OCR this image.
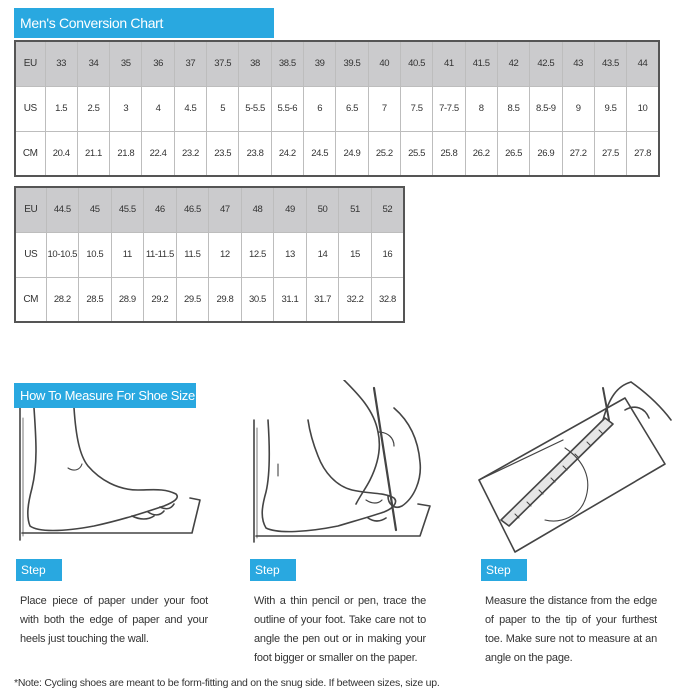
Men's Conversion Chart
EU	33	34	35	36	37	37.5	38	38.5	39	39.5	40	40.5	41	41.5	42	42.5	43	43.5	44
US	1.5	2.5	3	4	4.5	5	5-5.5	5.5-6	6	6.5	7	7.5	7-7.5	8	8.5	8.5-9	9	9.5	10
CM	20.4	21.1	21.8	22.4	23.2	23.5	23.8	24.2	24.5	24.9	25.2	25.5	25.8	26.2	26.5	26.9	27.2	27.5	27.8
EU	44.5	45	45.5	46	46.5	47	48	49	50	51	52
US	10-10.5	10.5	11	11-11.5	11.5	12	12.5	13	14	15	16
CM	28.2	28.5	28.9	29.2	29.5	29.8	30.5	31.1	31.7	32.2	32.8
How To Measure For Shoe Size
Step 1:
Step 2:
Step 3:
Place piece of paper under your foot with both the edge of paper and your heels just touching the wall.
With a thin pencil or pen, trace the outline of your foot. Take care not to angle the pen out or in making your foot bigger or smaller on the paper.
Measure the distance from the edge of paper to the tip of your furthest toe. Make sure not to measure at an angle on the page.
*Note: Cycling shoes are meant to be form-fitting and on the snug side. If between sizes, size up.
